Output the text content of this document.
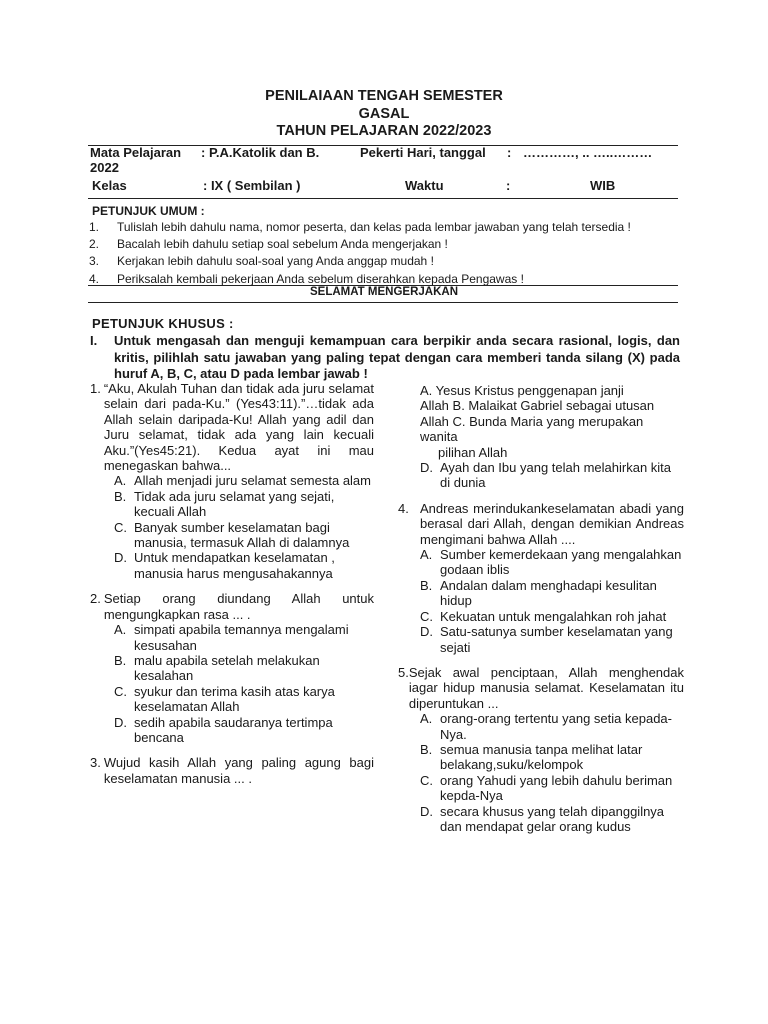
PENILAIAAN TENGAH SEMESTER
GASAL
TAHUN PELAJARAN 2022/2023
Mata Pelajaran : P.A.Katolik dan B.	Pekerti Hari, tanggal : …………, .. …..………
2022
Kelas	: IX ( Sembilan )	Waktu	:	WIB
PETUNJUK UMUM :
1.	Tulislah lebih dahulu nama, nomor peserta, dan kelas pada lembar jawaban yang telah tersedia !
2.	Bacalah lebih dahulu setiap soal sebelum Anda mengerjakan !
3.	Kerjakan lebih dahulu soal-soal yang Anda anggap mudah !
4.	Periksalah kembali pekerjaan Anda sebelum diserahkan kepada Pengawas !
SELAMAT MENGERJAKAN
PETUNJUK KHUSUS :
I.	Untuk mengasah dan menguji kemampuan cara berpikir anda secara rasional, logis, dan kritis, pilihlah satu jawaban yang paling tepat dengan cara memberi tanda silang (X) pada huruf A, B, C, atau D pada lembar jawab !
1. “Aku, Akulah Tuhan dan tidak ada juru selamat selain dari pada-Ku.” (Yes43:11).”…tidak ada Allah selain daripada-Ku! Allah yang adil dan Juru selamat, tidak ada yang lain kecuali Aku.”(Yes45:21). Kedua ayat ini mau menegaskan bahwa...
A. Allah menjadi juru selamat semesta alam
B. Tidak ada juru selamat yang sejati, kecuali Allah
C. Banyak sumber keselamatan bagi manusia, termasuk Allah di dalamnya
D. Untuk mendapatkan keselamatan , manusia harus mengusahakannya
2. Setiap orang diundang Allah untuk mengungkapkan rasa ... .
A. simpati apabila temannya mengalami kesusahan
B. malu apabila setelah melakukan kesalahan
C. syukur dan terima kasih atas karya keselamatan Allah
D. sedih apabila saudaranya tertimpa bencana
3. Wujud kasih Allah yang paling agung bagi keselamatan manusia ... .
A. Yesus Kristus penggenapan janji
Allah B. Malaikat Gabriel sebagai utusan
Allah C. Bunda Maria yang merupakan
wanita
pilihan Allah
D. Ayah dan Ibu yang telah melahirkan kita di dunia
4. Andreas merindukankeselamatan abadi yang berasal dari Allah, dengan demikian Andreas mengimani bahwa Allah ....
A. Sumber kemerdekaan yang mengalahkan godaan iblis
B. Andalan dalam menghadapi kesulitan hidup
C. Kekuatan untuk mengalahkan roh jahat
D. Satu-satunya sumber keselamatan yang sejati
5. Sejak awal penciptaan, Allah menghendak iagar hidup manusia selamat. Keselamatan itu diperuntukan ...
A. orang-orang tertentu yang setia kepada- Nya.
B. semua manusia tanpa melihat latar belakang,suku/kelompok
C. orang Yahudi yang lebih dahulu beriman kepda-Nya
D. secara khusus yang telah dipanggilnya dan mendapat gelar orang kudus
